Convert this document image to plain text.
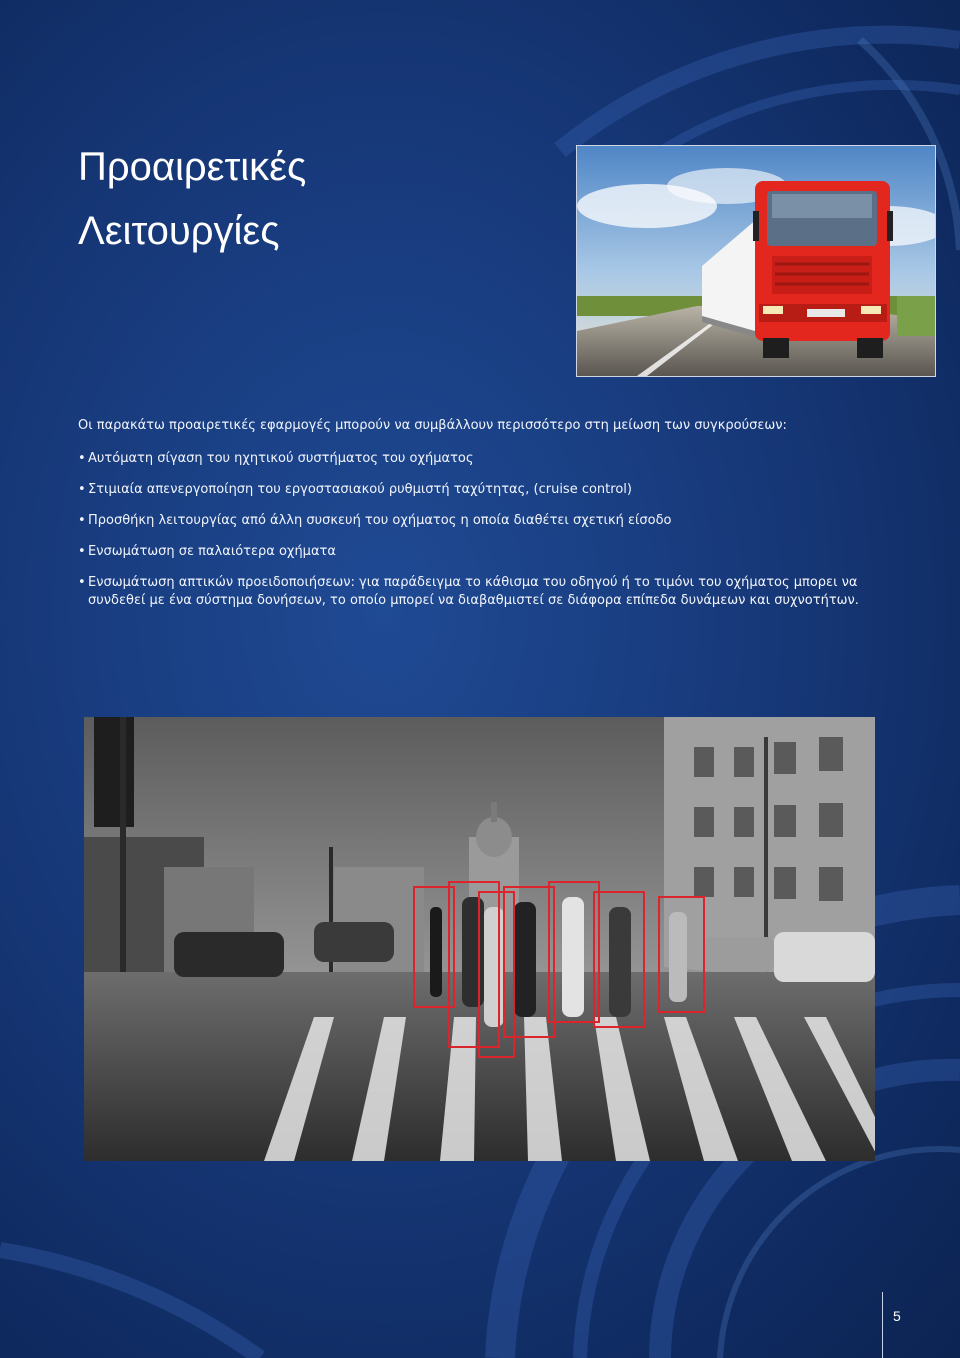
Προαιρετικές
Λειτουργίες

Οι παρακάτω προαιρετικές εφαρμογές μπορούν να συμβάλλουν περισσότερο στη μείωση των συγκρούσεων:

• Αυτόματη σίγαση του ηχητικού συστήματος του οχήματος
• Στιμιαία απενεργοποίηση του εργοστασιακού ρυθμιστή ταχύτητας, (cruise control)
• Προσθήκη λειτουργίας από άλλη συσκευή του οχήματος η οποία διαθέτει σχετική είσοδο
• Ενσωμάτωση σε παλαιότερα οχήματα
• Ενσωμάτωση απτικών προειδοποιήσεων: για παράδειγμα το κάθισμα του οδηγού ή το τιμόνι του οχήματος μπορει να συνδεθεί με ένα σύστημα δονήσεων, το οποίο μπορεί να διαβαθμιστεί σε διάφορα επίπεδα δυνάμεων και συχνοτήτων.
5
